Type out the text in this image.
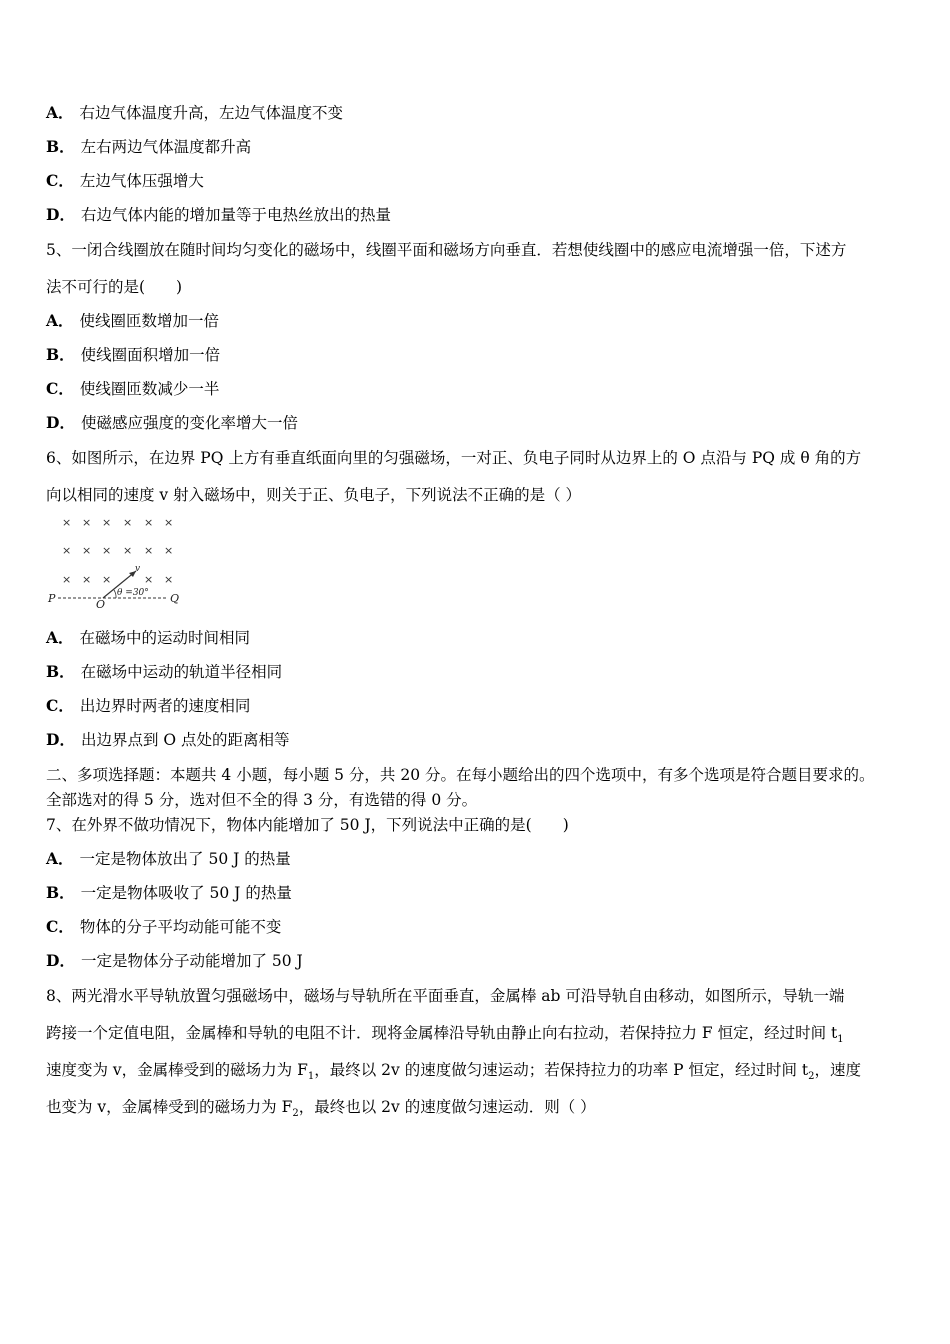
A． 右边气体温度升高，左边气体温度不变
B． 左右两边气体温度都升高
C． 左边气体压强增大
D． 右边气体内能的增加量等于电热丝放出的热量
5、一闭合线圈放在随时间均匀变化的磁场中，线圈平面和磁场方向垂直．若想使线圈中的感应电流增强一倍，下述方
法不可行的是(　　)
A． 使线圈匝数增加一倍
B． 使线圈面积增加一倍
C． 使线圈匝数减少一半
D． 使磁感应强度的变化率增大一倍
6、如图所示，在边界 PQ 上方有垂直纸面向里的匀强磁场，一对正、负电子同时从边界上的 O 点沿与 PQ 成 θ 角的方
向以相同的速度 v 射入磁场中，则关于正、负电子，下列说法不正确的是（ ）
× × × × × ×
× × × × × ×
× × ×	× ×
P	O	Q
v
θ =30°
A． 在磁场中的运动时间相同
B． 在磁场中运动的轨道半径相同
C． 出边界时两者的速度相同
D． 出边界点到 O 点处的距离相等
二、多项选择题：本题共 4 小题，每小题 5 分，共 20 分。在每小题给出的四个选项中，有多个选项是符合题目要求的。
全部选对的得 5 分，选对但不全的得 3 分，有选错的得 0 分。
7、在外界不做功情况下，物体内能增加了 50 J，下列说法中正确的是(　　)
A． 一定是物体放出了 50 J 的热量
B． 一定是物体吸收了 50 J 的热量
C． 物体的分子平均动能可能不变
D． 一定是物体分子动能增加了 50 J
8、两光滑水平导轨放置匀强磁场中，磁场与导轨所在平面垂直，金属棒 ab 可沿导轨自由移动，如图所示，导轨一端
跨接一个定值电阻，金属棒和导轨的电阻不计．现将金属棒沿导轨由静止向右拉动，若保持拉力 F 恒定，经过时间 $t_1$
速度变为 v，金属棒受到的磁场力为 $F_1$，最终以 2v 的速度做匀速运动；若保持拉力的功率 P 恒定，经过时间 $t_2$，速度
也变为 v，金属棒受到的磁场力为 $F_2$，最终也以 2v 的速度做匀速运动．则（ ）
